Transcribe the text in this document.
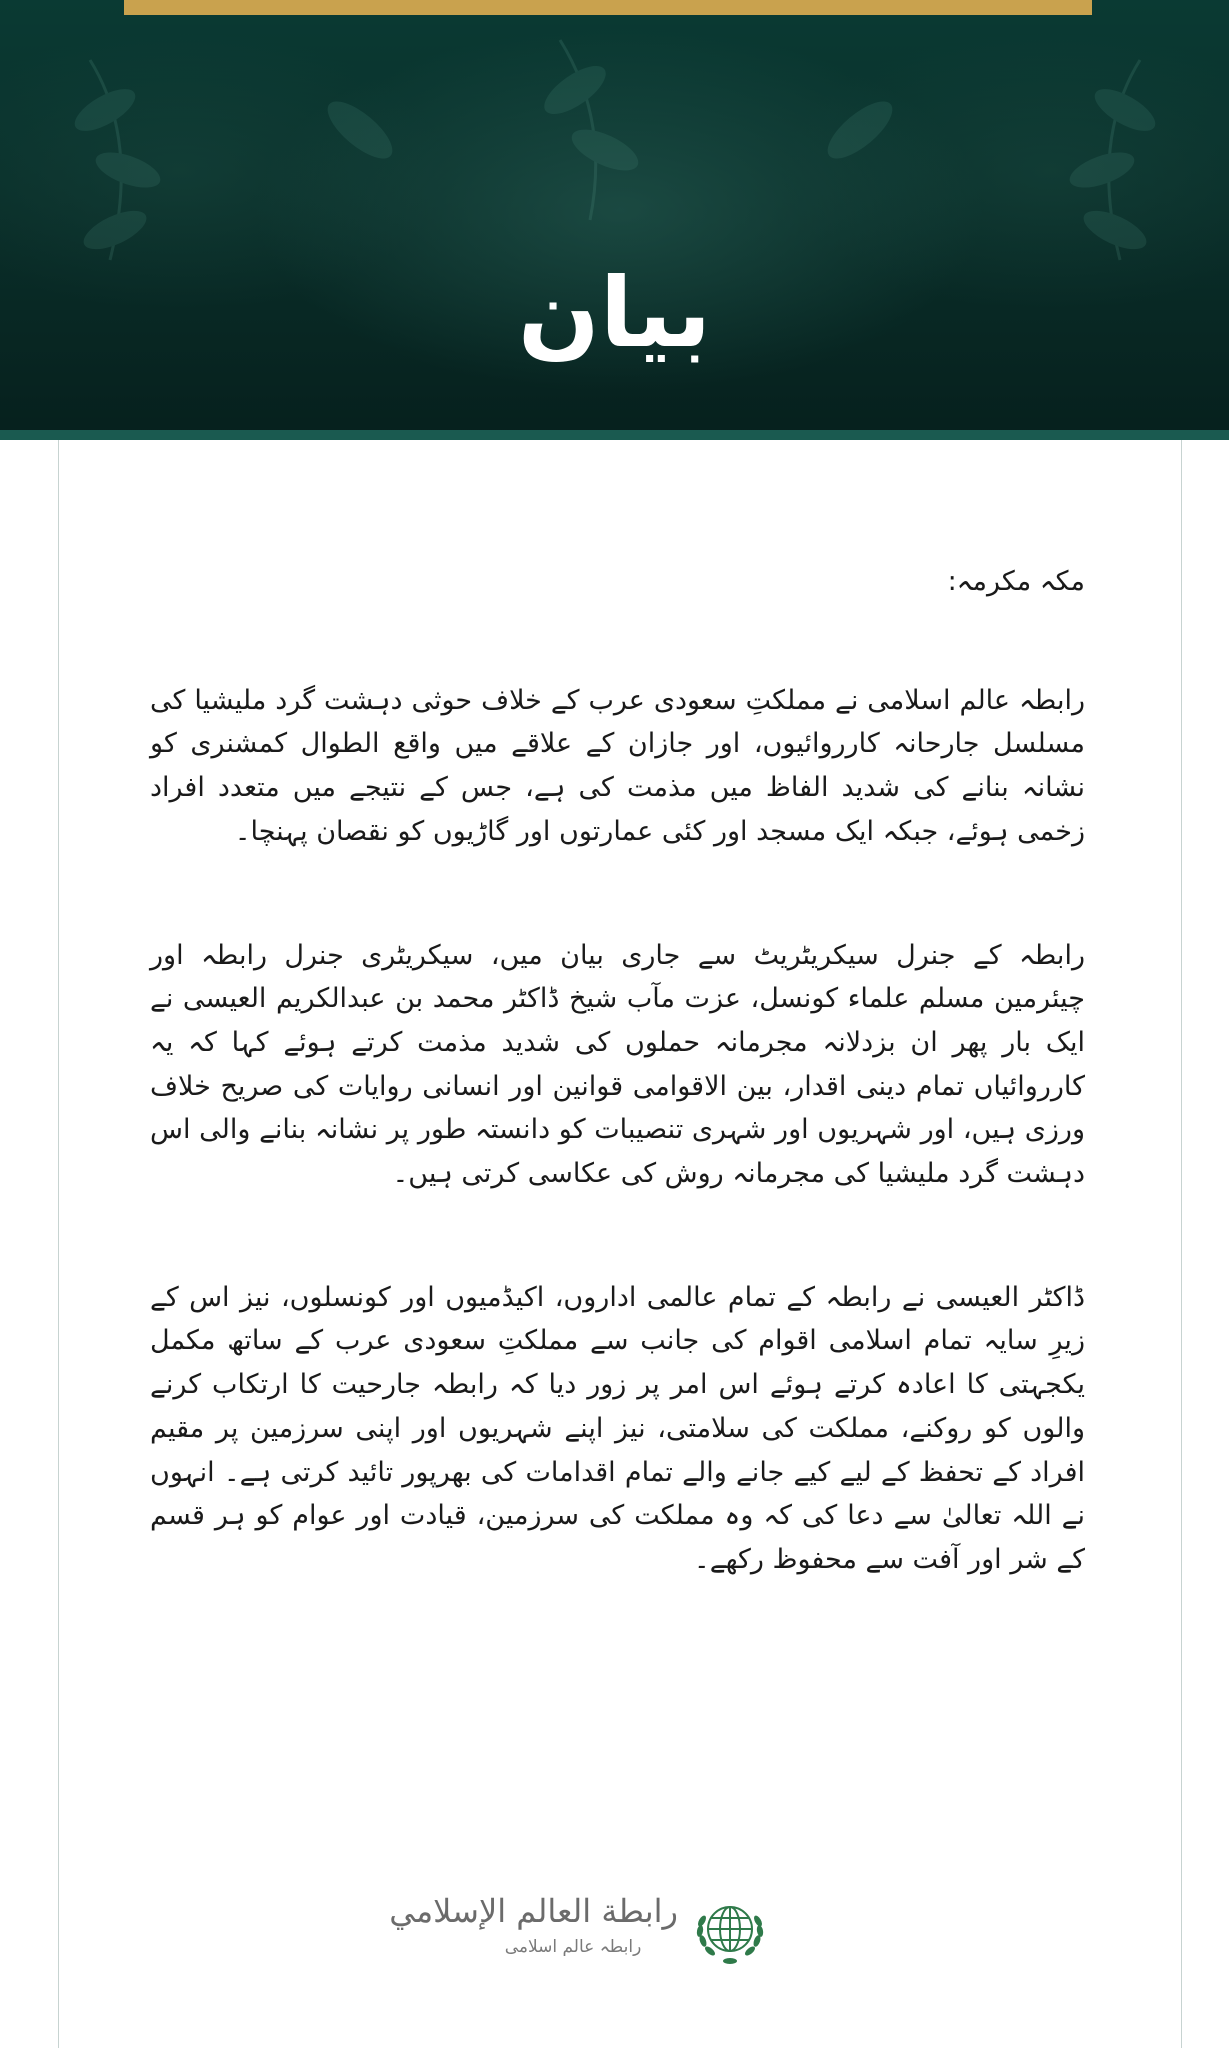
بیان

مکہ مکرمہ:

رابطہ عالم اسلامی نے مملکتِ سعودی عرب کے خلاف حوثی دہشت گرد ملیشیا کی مسلسل جارحانہ کارروائیوں، اور جازان کے علاقے میں واقع الطوال کمشنری کو نشانہ بنانے کی شدید الفاظ میں مذمت کی ہے، جس کے نتیجے میں متعدد افراد زخمی ہوئے، جبکہ ایک مسجد اور کئی عمارتوں اور گاڑیوں کو نقصان پہنچا۔

رابطہ کے جنرل سیکریٹریٹ سے جاری بیان میں، سیکریٹری جنرل رابطہ اور چیئرمین مسلم علماء کونسل، عزت مآب شیخ ڈاکٹر محمد بن عبدالکریم العیسی نے ایک بار پھر ان بزدلانہ مجرمانہ حملوں کی شدید مذمت کرتے ہوئے کہا کہ یہ کارروائیاں تمام دینی اقدار، بین الاقوامی قوانین اور انسانی روایات کی صریح خلاف ورزی ہیں، اور شہریوں اور شہری تنصیبات کو دانستہ طور پر نشانہ بنانے والی اس دہشت گرد ملیشیا کی مجرمانہ روش کی عکاسی کرتی ہیں۔

ڈاکٹر العیسی نے رابطہ کے تمام عالمی اداروں، اکیڈمیوں اور کونسلوں، نیز اس کے زیرِ سایہ تمام اسلامی اقوام کی جانب سے مملکتِ سعودی عرب کے ساتھ مکمل یکجہتی کا اعادہ کرتے ہوئے اس امر پر زور دیا کہ رابطہ جارحیت کا ارتکاب کرنے والوں کو روکنے، مملکت کی سلامتی، نیز اپنے شہریوں اور اپنی سرزمین پر مقیم افراد کے تحفظ کے لیے کیے جانے والے تمام اقدامات کی بھرپور تائید کرتی ہے۔ انہوں نے اللہ تعالیٰ سے دعا کی کہ وہ مملکت کی سرزمین، قیادت اور عوام کو ہر قسم کے شر اور آفت سے محفوظ رکھے۔

رابطة العالم الإسلامي
رابطہ عالم اسلامی
